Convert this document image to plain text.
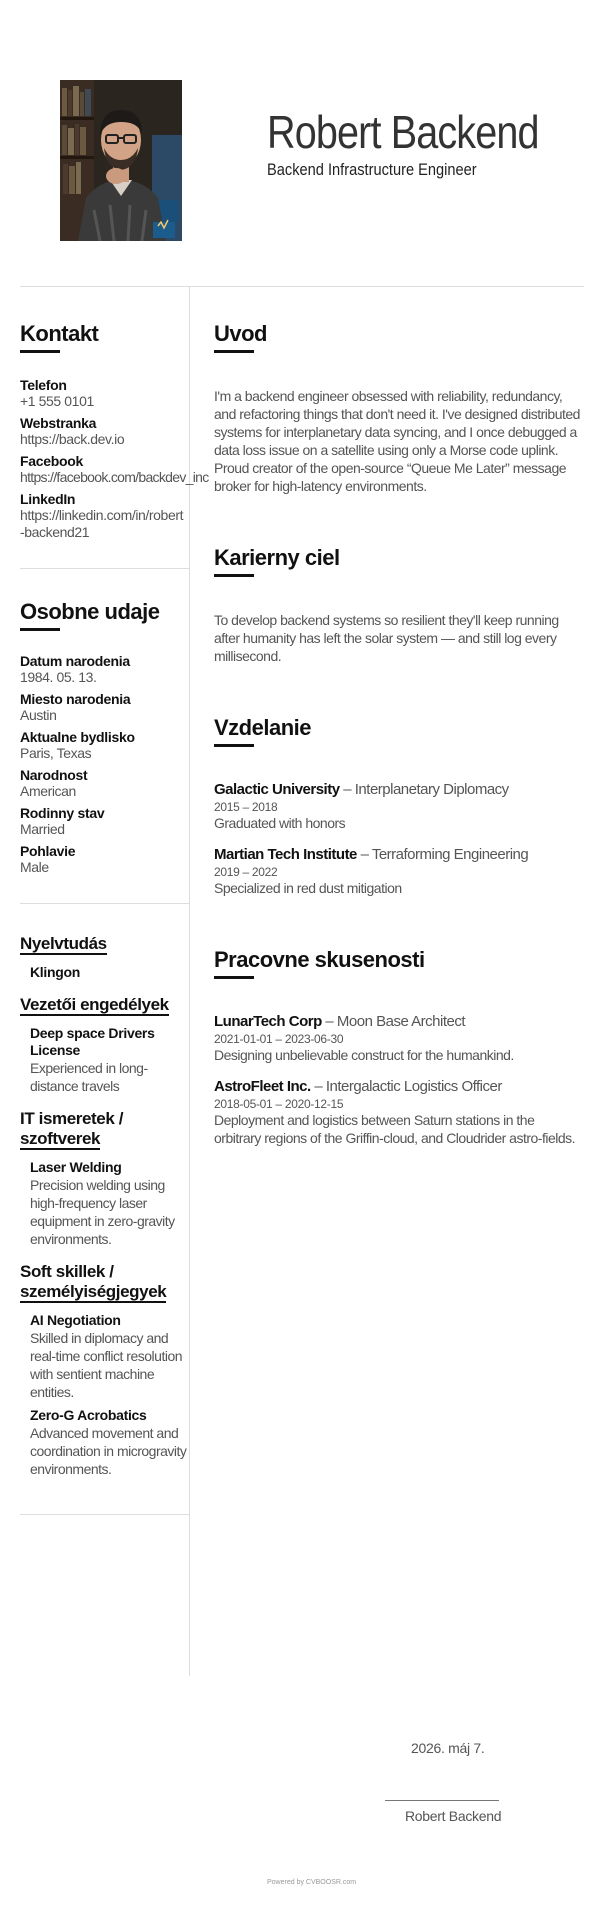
Robert Backend
Backend Infrastructure Engineer
Kontakt
Telefon
+1 555 0101
Webstranka
https://back.dev.io
Facebook
https://facebook.com/backdev_inc
LinkedIn
https://linkedin.com/in/robert-backend21
Osobne udaje
Datum narodenia
1984. 05. 13.
Miesto narodenia
Austin
Aktualne bydlisko
Paris, Texas
Narodnost
American
Rodinny stav
Married
Pohlavie
Male
Nyelvtudás
Klingon
Vezetői engedélyek
Deep space Drivers License
Experienced in long-distance travels
IT ismeretek /
szoftverek
Laser Welding
Precision welding using high-frequency laser equipment in zero-gravity environments.
Soft skillek /
személyiségjegyek
AI Negotiation
Skilled in diplomacy and real-time conflict resolution with sentient machine entities.
Zero-G Acrobatics
Advanced movement and coordination in microgravity environments.
Uvod
I'm a backend engineer obsessed with reliability, redundancy, and refactoring things that don't need it. I've designed distributed systems for interplanetary data syncing, and I once debugged a data loss issue on a satellite using only a Morse code uplink. Proud creator of the open-source “Queue Me Later” message broker for high-latency environments.
Karierny ciel
To develop backend systems so resilient they'll keep running after humanity has left the solar system — and still log every millisecond.
Vzdelanie
Galactic University – Interplanetary Diplomacy
2015 – 2018
Graduated with honors
Martian Tech Institute – Terraforming Engineering
2019 – 2022
Specialized in red dust mitigation
Pracovne skusenosti
LunarTech Corp – Moon Base Architect
2021-01-01 – 2023-06-30
Designing unbelievable construct for the humankind.
AstroFleet Inc. – Intergalactic Logistics Officer
2018-05-01 – 2020-12-15
Deployment and logistics between Saturn stations in the orbitrary regions of the Griffin-cloud, and Cloudrider astro-fields.
2026. máj 7.
Robert Backend
Powered by CVBOOSR.com
